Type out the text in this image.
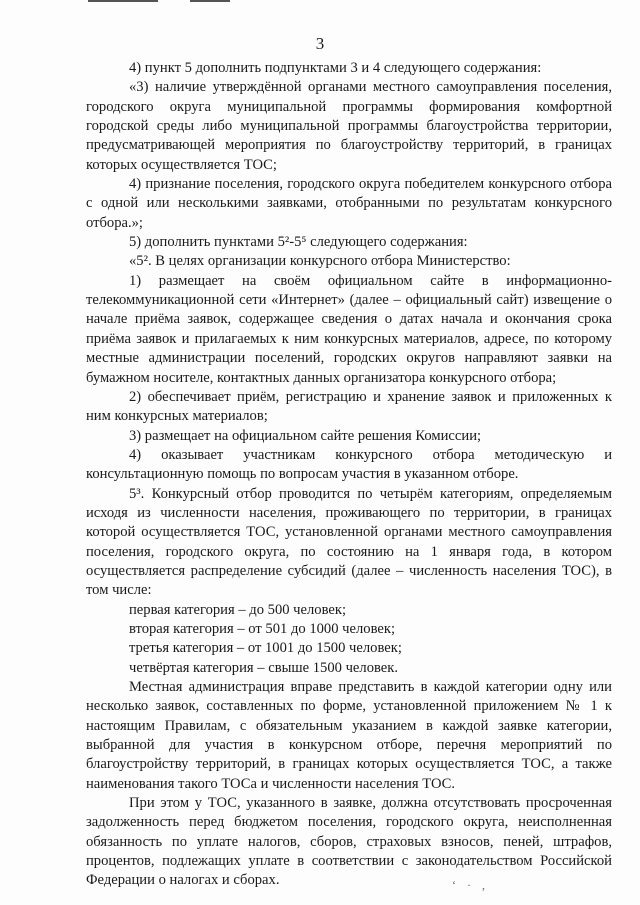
3

4) пункт 5 дополнить подпунктами 3 и 4 следующего содержания:

«3) наличие утверждённой органами местного самоуправления поселения, городского округа муниципальной программы формирования комфортной городской среды либо муниципальной программы благоустройства территории, предусматривающей мероприятия по благоустройству территорий, в границах которых осуществляется ТОС;

4) признание поселения, городского округа победителем конкурсного отбора с одной или несколькими заявками, отобранными по результатам конкурсного отбора.»;

5) дополнить пунктами 5²-5⁵ следующего содержания:

«5². В целях организации конкурсного отбора Министерство:

1) размещает на своём официальном сайте в информационно-телекоммуникационной сети «Интернет» (далее – официальный сайт) извещение о начале приёма заявок, содержащее сведения о датах начала и окончания срока приёма заявок и прилагаемых к ним конкурсных материалов, адресе, по которому местные администрации поселений, городских округов направляют заявки на бумажном носителе, контактных данных организатора конкурсного отбора;

2) обеспечивает приём, регистрацию и хранение заявок и приложенных к ним конкурсных материалов;

3) размещает на официальном сайте решения Комиссии;

4) оказывает участникам конкурсного отбора методическую и консультационную помощь по вопросам участия в указанном отборе.

5³. Конкурсный отбор проводится по четырём категориям, определяемым исходя из численности населения, проживающего по территории, в границах которой осуществляется ТОС, установленной органами местного самоуправления поселения, городского округа, по состоянию на 1 января года, в котором осуществляется распределение субсидий (далее – численность населения ТОС), в том числе:

первая категория – до 500 человек;

вторая категория – от 501 до 1000 человек;

третья категория – от 1001 до 1500 человек;

четвёртая категория – свыше 1500 человек.

Местная администрация вправе представить в каждой категории одну или несколько заявок, составленных по форме, установленной приложением № 1 к настоящим Правилам, с обязательным указанием в каждой заявке категории, выбранной для участия в конкурсном отборе, перечня мероприятий по благоустройству территорий, в границах которых осуществляется ТОС, а также наименования такого ТОСа и численности населения ТОС.

При этом у ТОС, указанного в заявке, должна отсутствовать просроченная задолженность перед бюджетом поселения, городского округа, неисполненная обязанность по уплате налогов, сборов, страховых взносов, пеней, штрафов, процентов, подлежащих уплате в соответствии с законодательством Российской Федерации о налогах и сборах.	ʻ · ,
